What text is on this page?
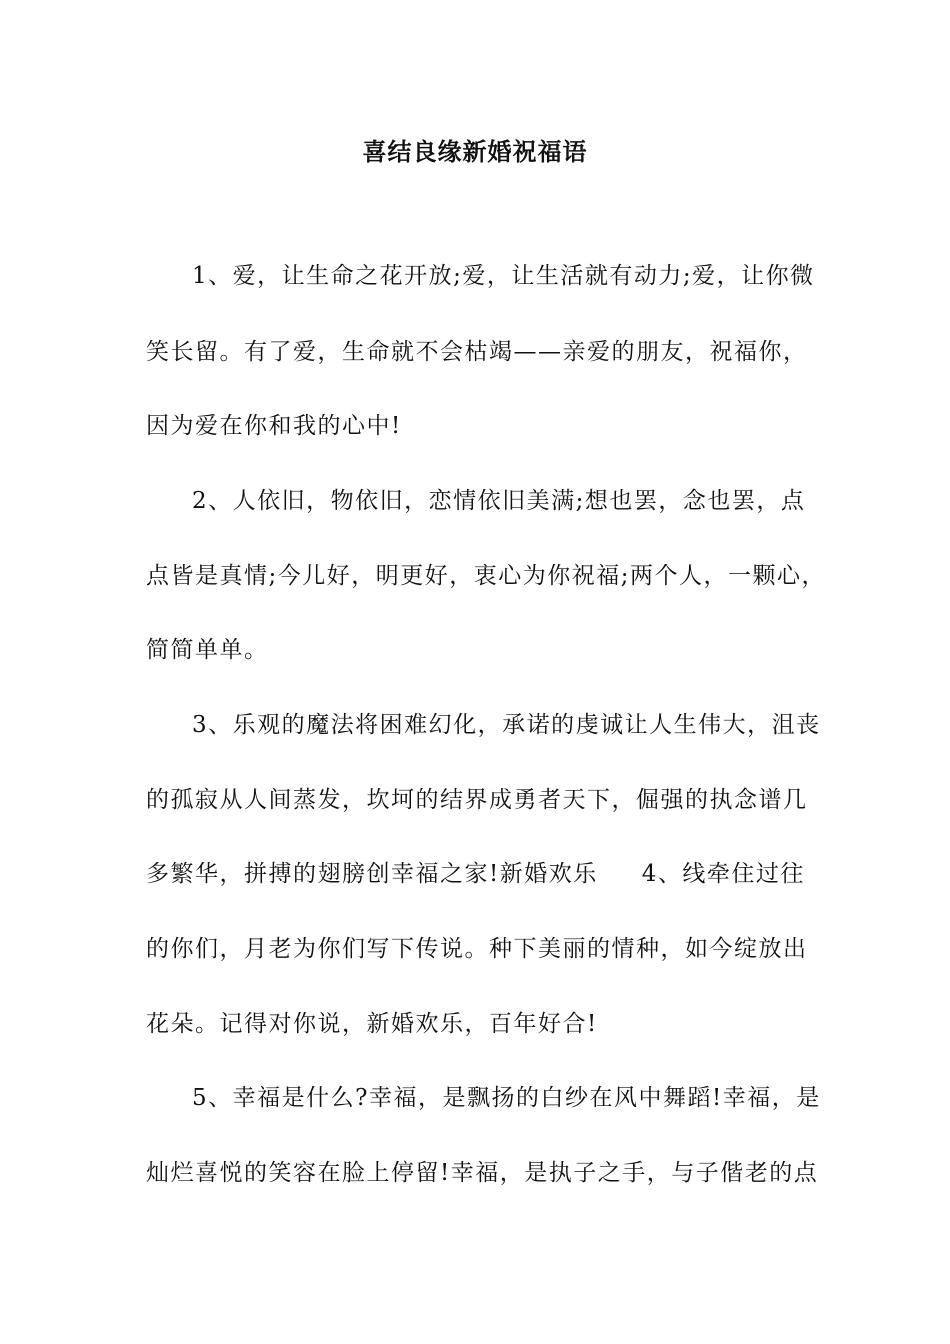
喜结良缘新婚祝福语
1、爱，让生命之花开放;爱，让生活就有动力;爱，让你微
笑长留。有了爱，生命就不会枯竭——亲爱的朋友，祝福你，
因为爱在你和我的心中!
2、人依旧，物依旧，恋情依旧美满;想也罢，念也罢，点
点皆是真情;今儿好，明更好，衷心为你祝福;两个人，一颗心，
简简单单。
3、乐观的魔法将困难幻化，承诺的虔诚让人生伟大，沮丧
的孤寂从人间蒸发，坎坷的结界成勇者天下，倔强的执念谱几
多繁华，拼搏的翅膀创幸福之家!新婚欢乐 4、线牵住过往
的你们，月老为你们写下传说。种下美丽的情种，如今绽放出
花朵。记得对你说，新婚欢乐，百年好合!
5、幸福是什么?幸福，是飘扬的白纱在风中舞蹈!幸福，是
灿烂喜悦的笑容在脸上停留!幸福，是执子之手，与子偕老的点
